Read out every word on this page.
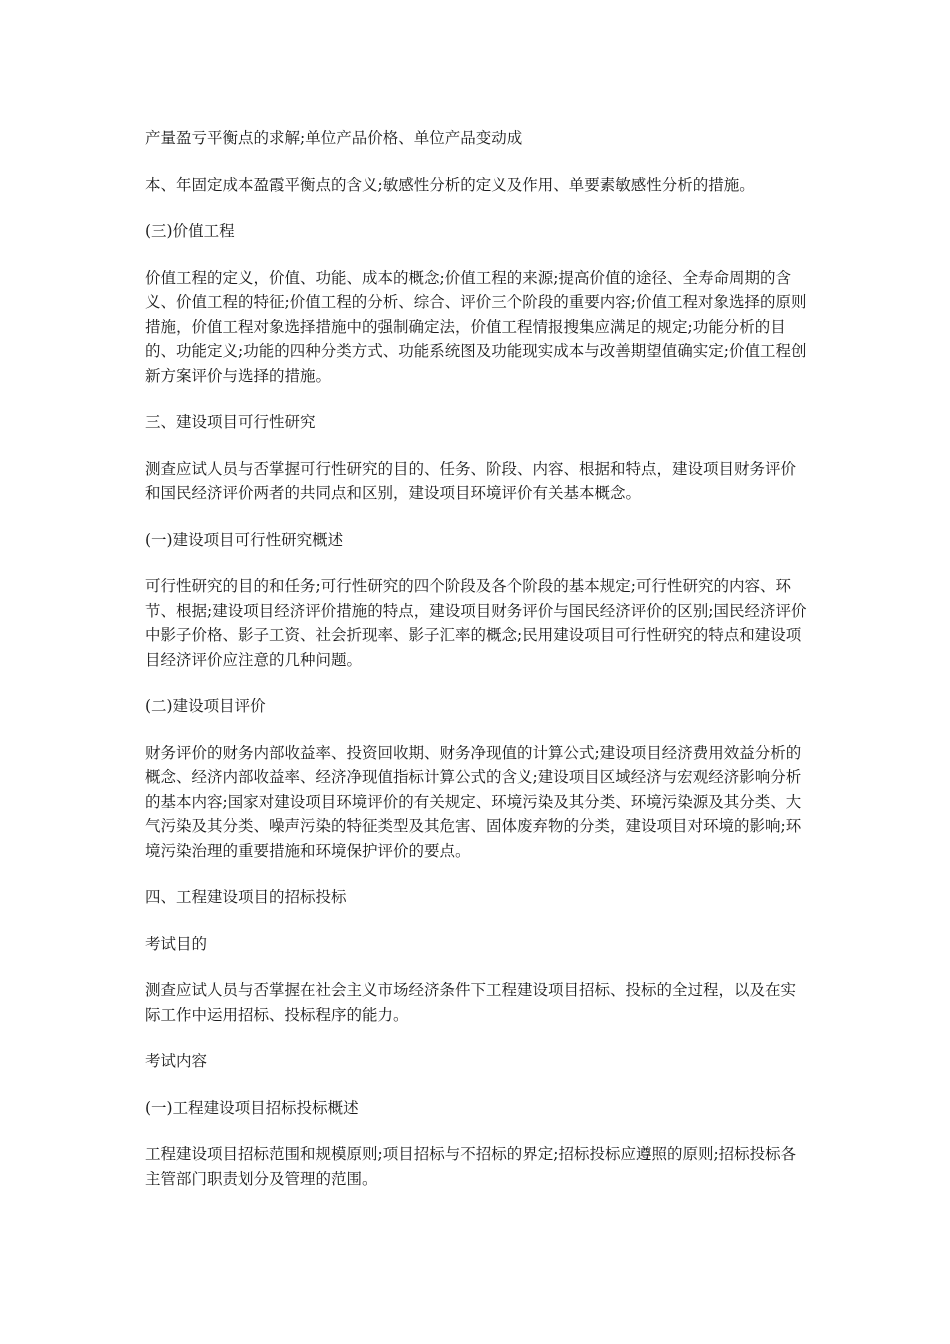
产量盈亏平衡点的求解;单位产品价格、单位产品变动成

本、年固定成本盈霞平衡点的含义;敏感性分析的定义及作用、单要素敏感性分析的措施。

(三)价值工程

价值工程的定义，价值、功能、成本的概念;价值工程的来源;提高价值的途径、全寿命周期的含义、价值工程的特征;价值工程的分析、综合、评价三个阶段的重要内容;价值工程对象选择的原则措施，价值工程对象选择措施中的强制确定法，价值工程情报搜集应满足的规定;功能分析的目的、功能定义;功能的四种分类方式、功能系统图及功能现实成本与改善期望值确实定;价值工程创新方案评价与选择的措施。

三、建设项目可行性研究

测查应试人员与否掌握可行性研究的目的、任务、阶段、内容、根据和特点，建设项目财务评价和国民经济评价两者的共同点和区别，建设项目环境评价有关基本概念。

(一)建设项目可行性研究概述

可行性研究的目的和任务;可行性研究的四个阶段及各个阶段的基本规定;可行性研究的内容、环节、根据;建设项目经济评价措施的特点，建设项目财务评价与国民经济评价的区别;国民经济评价中影子价格、影子工资、社会折现率、影子汇率的概念;民用建设项目可行性研究的特点和建设项目经济评价应注意的几种问题。

(二)建设项目评价

财务评价的财务内部收益率、投资回收期、财务净现值的计算公式;建设项目经济费用效益分析的概念、经济内部收益率、经济净现值指标计算公式的含义;建设项目区域经济与宏观经济影响分析的基本内容;国家对建设项目环境评价的有关规定、环境污染及其分类、环境污染源及其分类、大气污染及其分类、噪声污染的特征类型及其危害、固体废弃物的分类，建设项目对环境的影响;环境污染治理的重要措施和环境保护评价的要点。

四、工程建设项目的招标投标

考试目的

测查应试人员与否掌握在社会主义市场经济条件下工程建设项目招标、投标的全过程，以及在实际工作中运用招标、投标程序的能力。

考试内容

(一)工程建设项目招标投标概述

工程建设项目招标范围和规模原则;项目招标与不招标的界定;招标投标应遵照的原则;招标投标各主管部门职责划分及管理的范围。
